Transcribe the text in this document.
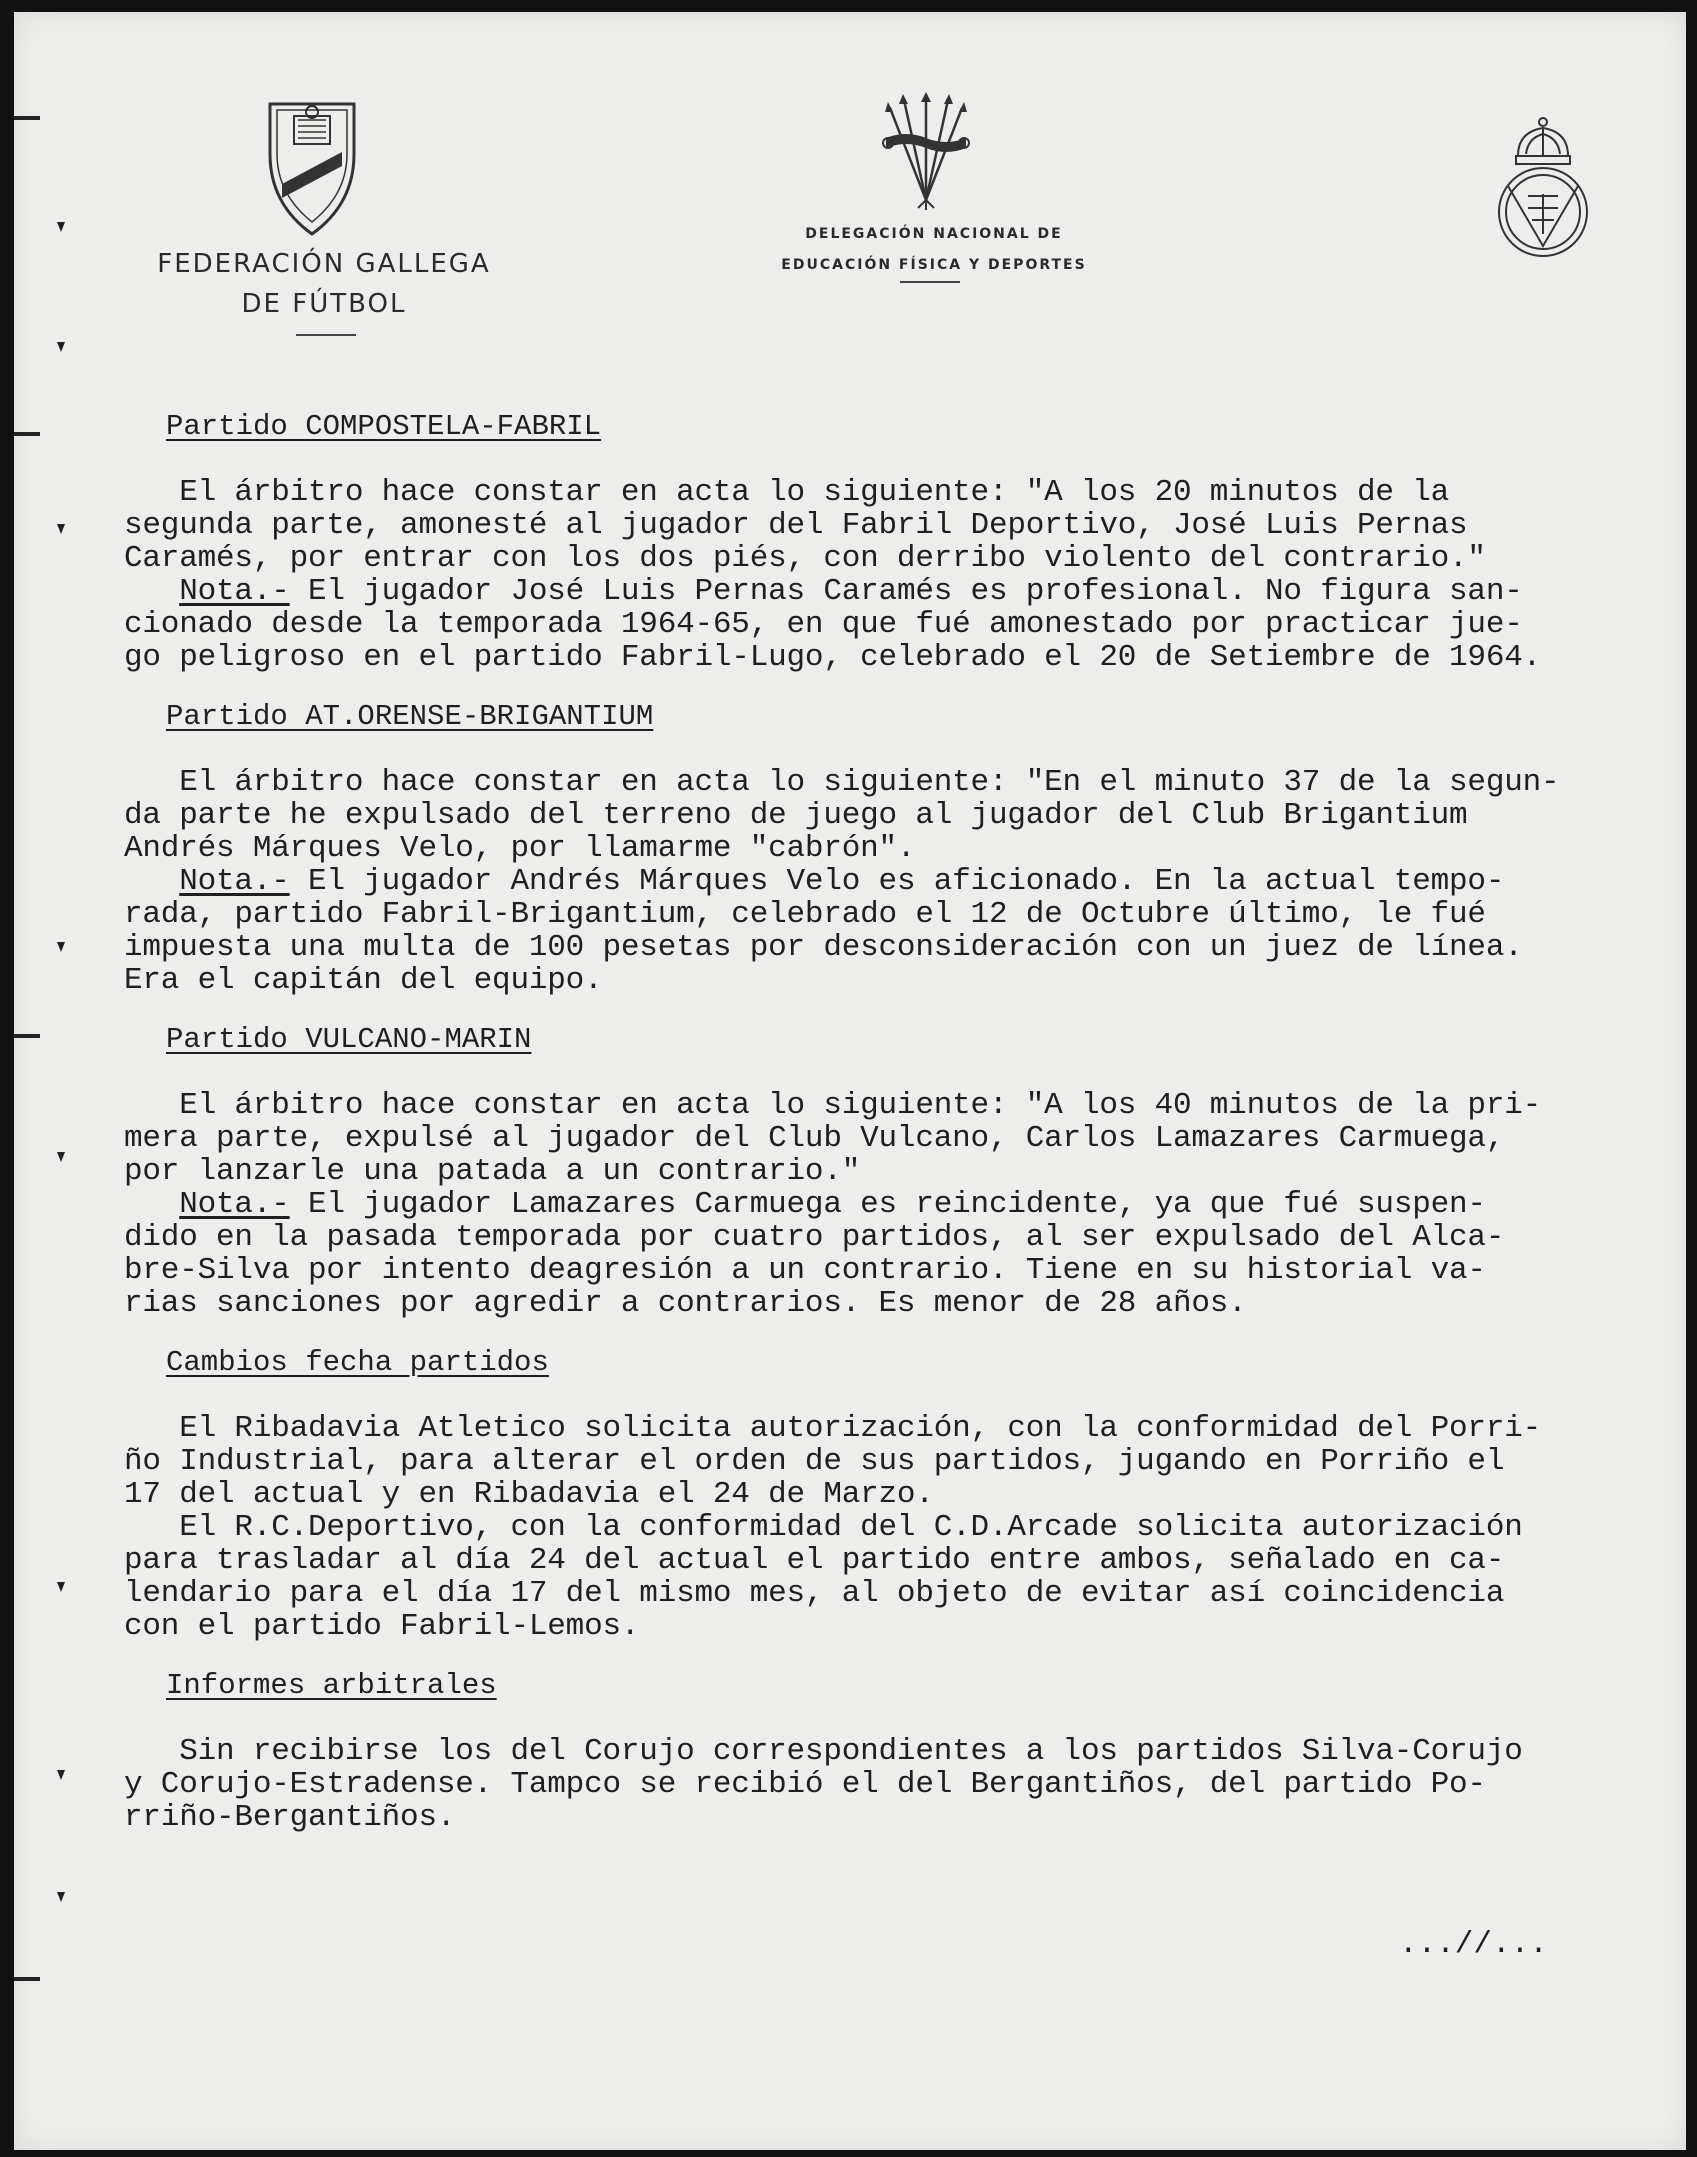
FEDERACIÓN GALLEGA
DE FÚTBOL
DELEGACIÓN NACIONAL DE
EDUCACIÓN FÍSICA Y DEPORTES
Partido COMPOSTELA-FABRIL

El árbitro hace constar en acta lo siguiente: "A los 20 minutos de la

segunda parte, amonesté al jugador del Fabril Deportivo, José Luis Pernas

Caramés, por entrar con los dos piés, con derribo violento del contrario."

Nota.- El jugador José Luis Pernas Caramés es profesional. No figura san-

cionado desde la temporada 1964-65, en que fué amonestado por practicar jue-

go peligroso en el partido Fabril-Lugo, celebrado el 20 de Setiembre de 1964.

Partido AT.ORENSE-BRIGANTIUM

El árbitro hace constar en acta lo siguiente: "En el minuto 37 de la segun-

da parte he expulsado del terreno de juego al jugador del Club Brigantium

Andrés Márques Velo, por llamarme "cabrón".

Nota.- El jugador Andrés Márques Velo es aficionado. En la actual tempo-

rada, partido Fabril-Brigantium, celebrado el 12 de Octubre último, le fué

impuesta una multa de 100 pesetas por desconsideración con un juez de línea.

Era el capitán del equipo.

Partido VULCANO-MARIN

El árbitro hace constar en acta lo siguiente: "A los 40 minutos de la pri-

mera parte, expulsé al jugador del Club Vulcano, Carlos Lamazares Carmuega,

por lanzarle una patada a un contrario."

Nota.- El jugador Lamazares Carmuega es reincidente, ya que fué suspen-

dido en la pasada temporada por cuatro partidos, al ser expulsado del Alca-

bre-Silva por intento deagresión a un contrario. Tiene en su historial va-

rias sanciones por agredir a contrarios. Es menor de 28 años.

Cambios fecha partidos

El Ribadavia Atletico solicita autorización, con la conformidad del Porri-

ño Industrial, para alterar el orden de sus partidos, jugando en Porriño el

17 del actual y en Ribadavia el 24 de Marzo.

El R.C.Deportivo, con la conformidad del C.D.Arcade solicita autorización

para trasladar al día 24 del actual el partido entre ambos, señalado en ca-

lendario para el día 17 del mismo mes, al objeto de evitar así coincidencia

con el partido Fabril-Lemos.

Informes arbitrales

Sin recibirse los del Corujo correspondientes a los partidos Silva-Corujo

y Corujo-Estradense. Tampco se recibió el del Bergantiños, del partido Po-

rriño-Bergantiños.

...//...
